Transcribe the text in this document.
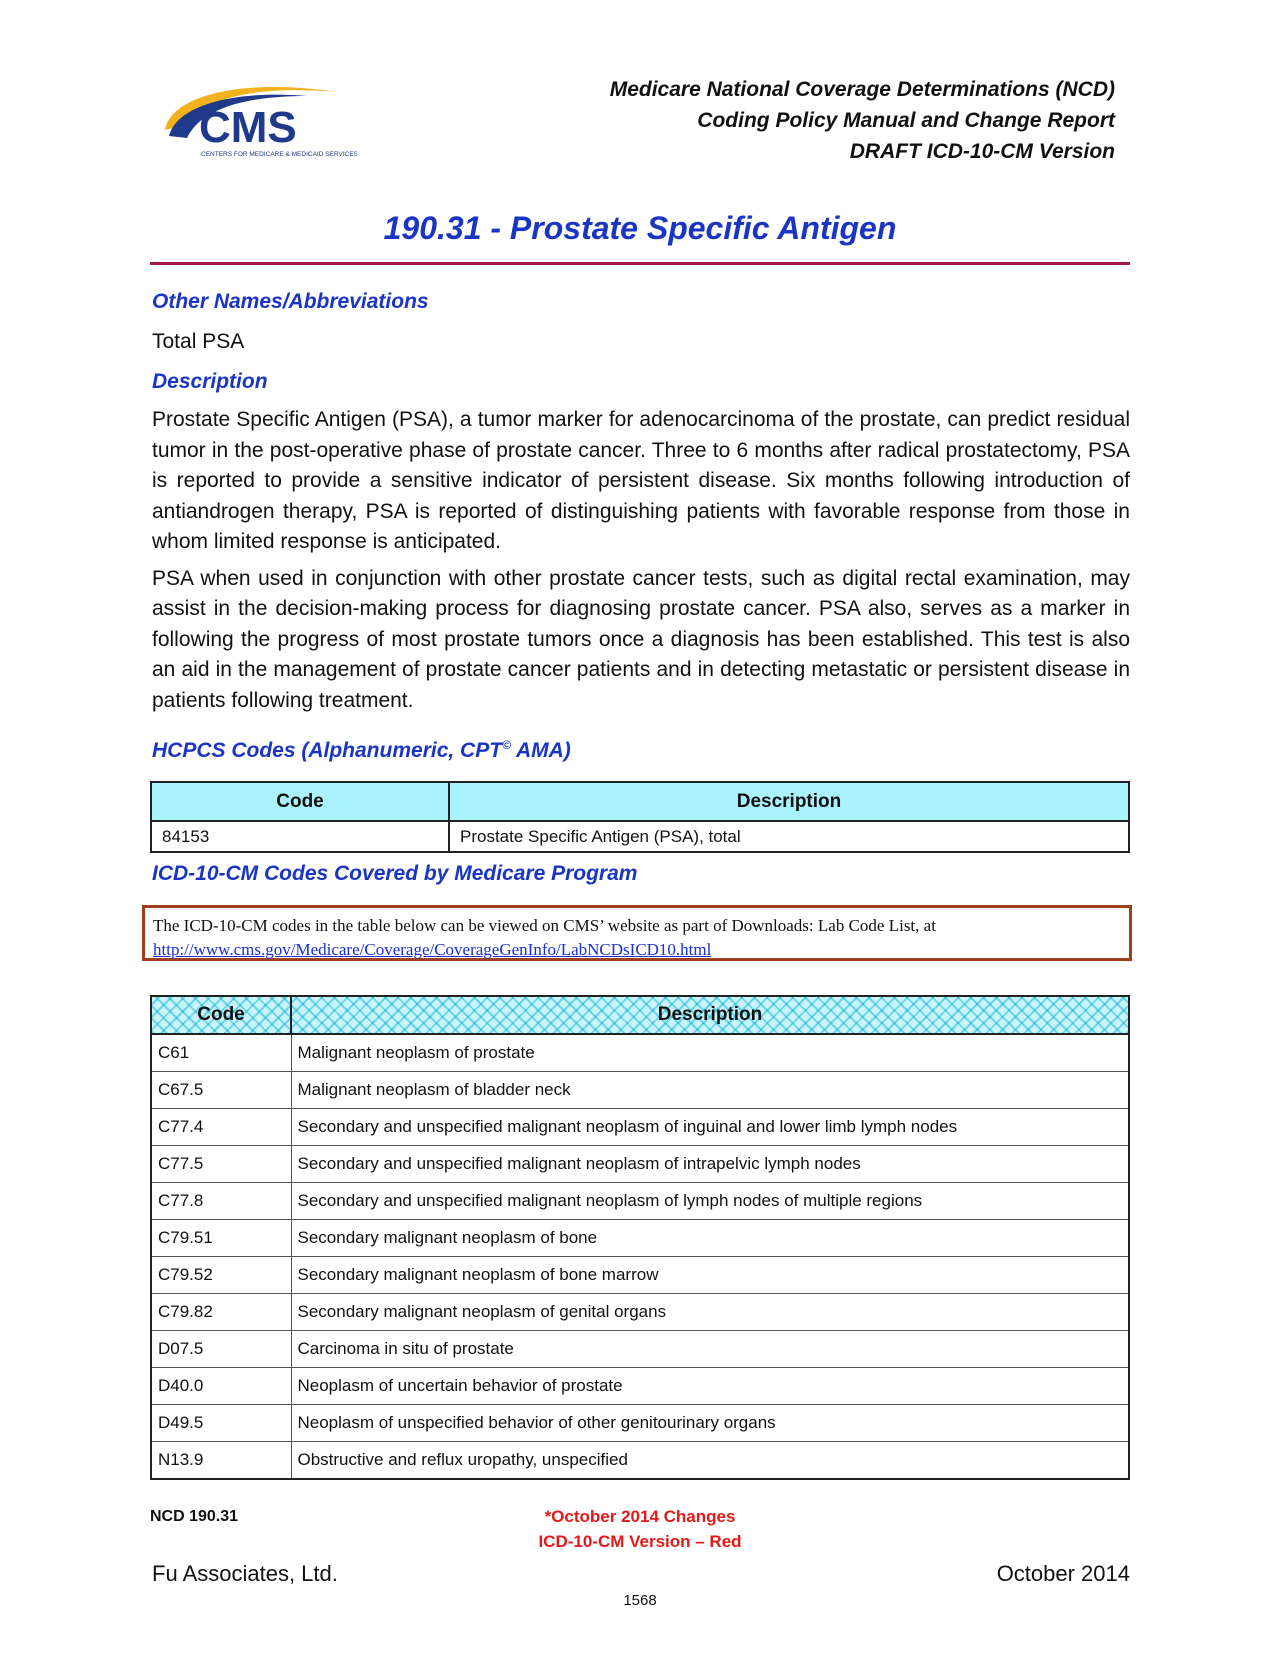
CMS
CENTERS FOR MEDICARE & MEDICAID SERVICES
Medicare National Coverage Determinations (NCD)
Coding Policy Manual and Change Report
DRAFT ICD-10-CM Version
190.31 - Prostate Specific Antigen
Other Names/Abbreviations
Total PSA
Description

Prostate Specific Antigen (PSA), a tumor marker for adenocarcinoma of the prostate, can predict residual tumor in the post-operative phase of prostate cancer. Three to 6 months after radical prostatectomy, PSA is reported to provide a sensitive indicator of persistent disease. Six months following introduction of antiandrogen therapy, PSA is reported of distinguishing patients with favorable response from those in whom limited response is anticipated.

PSA when used in conjunction with other prostate cancer tests, such as digital rectal examination, may assist in the decision-making process for diagnosing prostate cancer. PSA also, serves as a marker in following the progress of most prostate tumors once a diagnosis has been established. This test is also an aid in the management of prostate cancer patients and in detecting metastatic or persistent disease in patients following treatment.

HCPCS Codes (Alphanumeric, CPT© AMA)
Code	Description
84153	Prostate Specific Antigen (PSA), total
ICD-10-CM Codes Covered by Medicare Program
The ICD-10-CM codes in the table below can be viewed on CMS’ website as part of Downloads: Lab Code List, at
http://www.cms.gov/Medicare/Coverage/CoverageGenInfo/LabNCDsICD10.html
Code	Description
C61	Malignant neoplasm of prostate
C67.5	Malignant neoplasm of bladder neck
C77.4	Secondary and unspecified malignant neoplasm of inguinal and lower limb lymph nodes
C77.5	Secondary and unspecified malignant neoplasm of intrapelvic lymph nodes
C77.8	Secondary and unspecified malignant neoplasm of lymph nodes of multiple regions
C79.51	Secondary malignant neoplasm of bone
C79.52	Secondary malignant neoplasm of bone marrow
C79.82	Secondary malignant neoplasm of genital organs
D07.5	Carcinoma in situ of prostate
D40.0	Neoplasm of uncertain behavior of prostate
D49.5	Neoplasm of unspecified behavior of other genitourinary organs
N13.9	Obstructive and reflux uropathy, unspecified
NCD 190.31	*October 2014 Changes
ICD-10-CM Version – Red
Fu Associates, Ltd.	October 2014
1568
